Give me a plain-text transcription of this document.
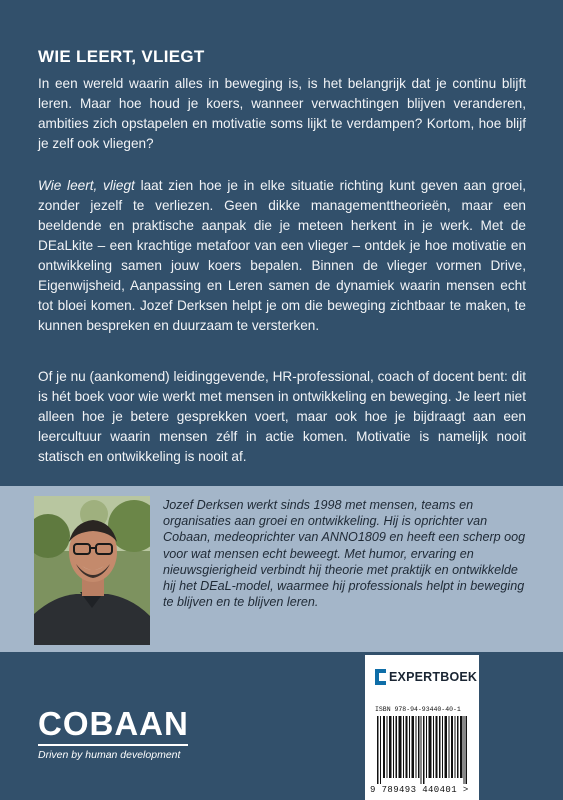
WIE LEERT, VLIEGT

In een wereld waarin alles in beweging is, is het belangrijk dat je continu blijft leren. Maar hoe houd je koers, wanneer verwachtingen blijven veranderen, ambities zich opstapelen en motivatie soms lijkt te verdampen? Kortom, hoe blijf je zelf ook vliegen?

Wie leert, vliegt laat zien hoe je in elke situatie richting kunt geven aan groei, zonder jezelf te verliezen. Geen dikke managementtheorieën, maar een beeldende en praktische aanpak die je meteen herkent in je werk. Met de DEaLkite – een krachtige metafoor van een vlieger – ontdek je hoe motivatie en ontwikkeling samen jouw koers bepalen. Binnen de vlieger vormen Drive, Eigenwijsheid, Aanpassing en Leren samen de dynamiek waarin mensen echt tot bloei komen. Jozef Derksen helpt je om die beweging zichtbaar te maken, te kunnen bespreken en duurzaam te versterken.

Of je nu (aankomend) leidinggevende, HR-professional, coach of docent bent: dit is hét boek voor wie werkt met mensen in ontwikkeling en beweging. Je leert niet alleen hoe je betere gesprekken voert, maar ook hoe je bijdraagt aan een leercultuur waarin mensen zélf in actie komen. Motivatie is namelijk nooit statisch en ontwikkeling is nooit af.

Jozef Derksen werkt sinds 1998 met mensen, teams en organisaties aan groei en ontwikkeling. Hij is oprichter van Cobaan, medeoprichter van ANNO1809 en heeft een scherp oog voor wat mensen echt beweegt. Met humor, ervaring en nieuwsgierigheid verbindt hij theorie met praktijk en ontwikkelde hij het DEaL-model, waarmee hij professionals helpt in beweging te blijven en te blijven leren.

COBAAN
Driven by human development
EXPERTBOEK
ISBN 978-94-93440-40-1
9 789493 440401 >
